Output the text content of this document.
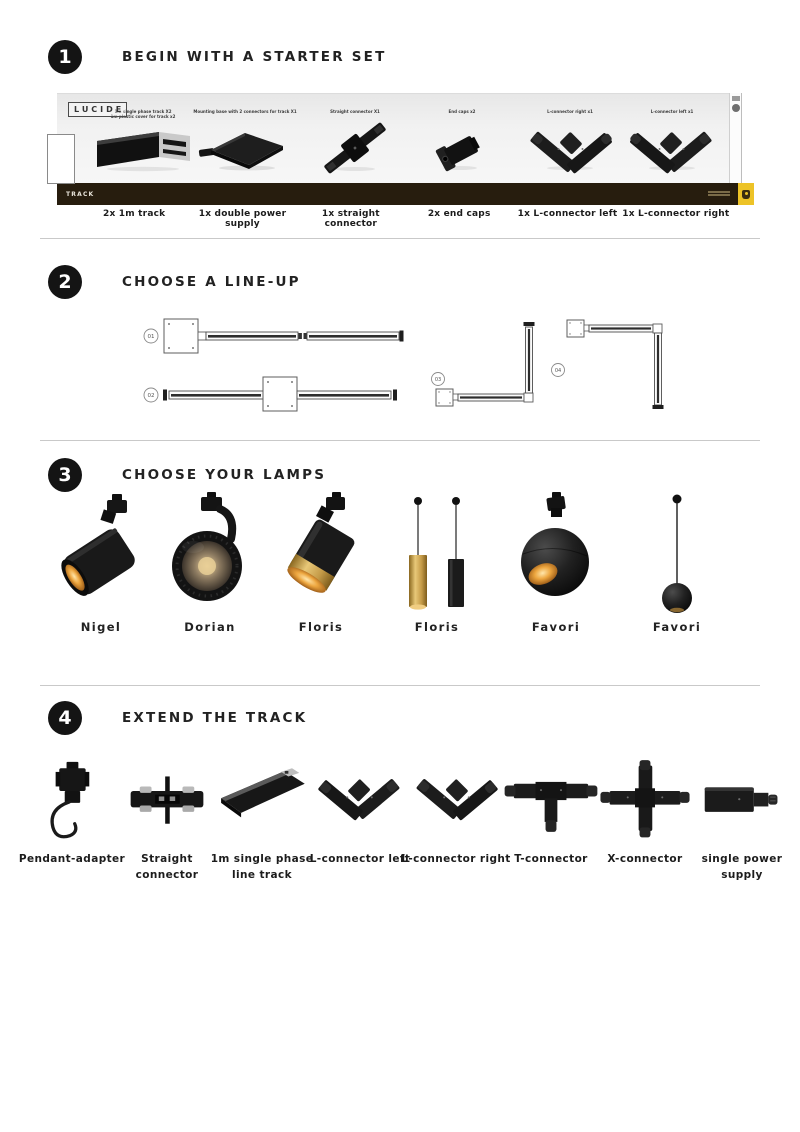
1	BEGIN WITH A STARTER SET
LUCIDE
TRACK
1m single phase track X2
1m plastic cover for track x2
Mounting base with 2 connectors for track X1	Straight connector X1	End caps x2	L-connector right x1	L-connector left x1
2x 1m track	1x double power supply
1x straight connector
2x end caps	1x L-connector left 1x L-connector right
2	CHOOSE A LINE-UP
01
02
03
04
3	CHOOSE YOUR LAMPS
Nigel	Dorian	Floris	Floris	Favori	Favori
4	EXTEND THE TRACK
Pendant-adapter	Straight connector
1m single phase line track
L-connector left
L-connector right T-connector	X-connector	single power supply
